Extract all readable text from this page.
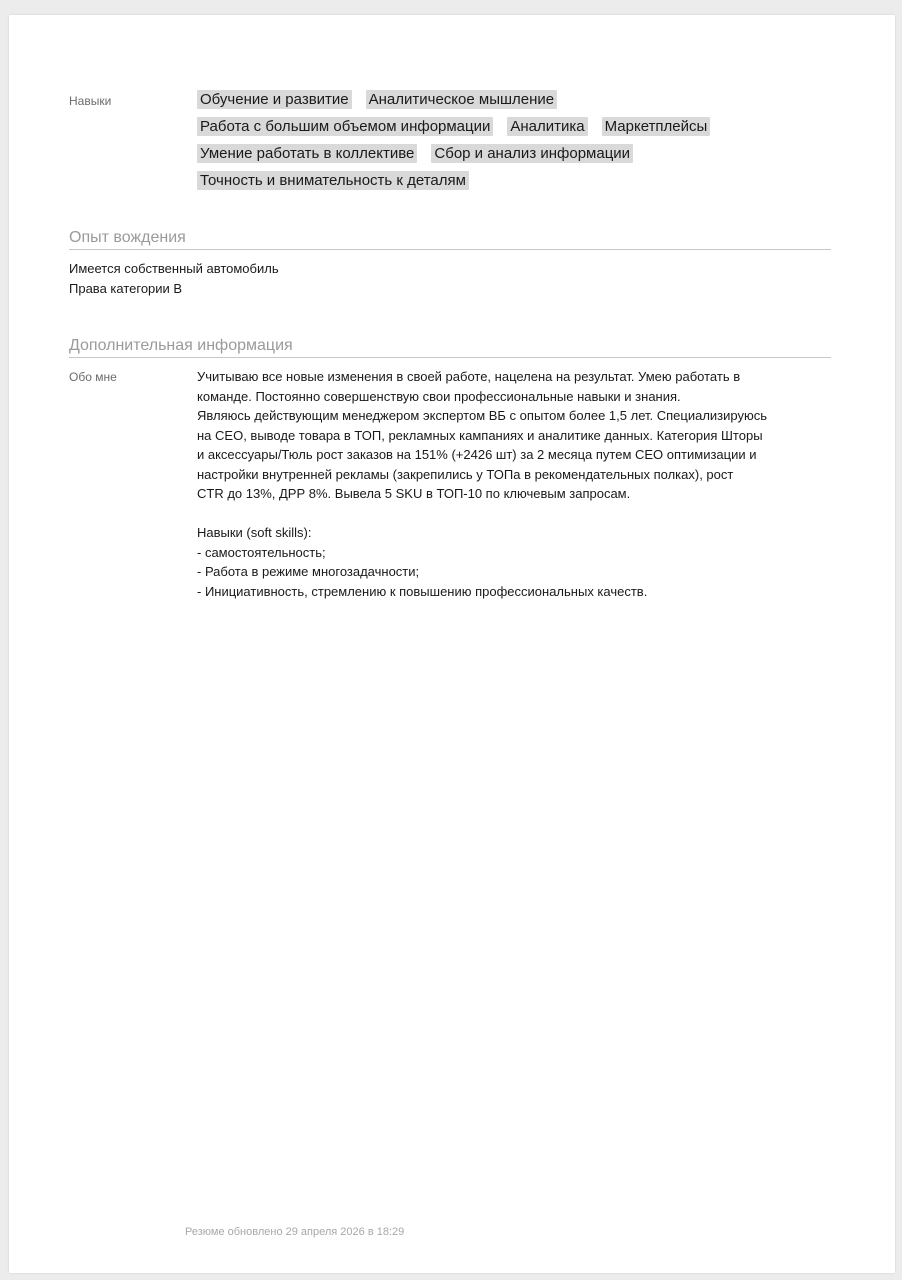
Навыки	Обучение и развитие Аналитическое мышление
Работа с большим объемом информации Аналитика Маркетплейсы
Умение работать в коллективе Сбор и анализ информации
Точность и внимательность к деталям
Опыт вождения
Имеется собственный автомобиль
Права категории B
Дополнительная информация
Обо мне	Учитываю все новые изменения в своей работе, нацелена на результат. Умею работать в

команде. Постоянно совершенствую свои профессиональные навыки и знания.

Являюсь действующим менеджером экспертом ВБ с опытом более 1,5 лет. Специализируюсь

на СЕО, выводе товара в ТОП, рекламных кампаниях и аналитике данных. Категория Шторы

и аксессуары/Тюль рост заказов на 151% (+2426 шт) за 2 месяца путем СЕО оптимизации и

настройки внутренней рекламы (закрепились у ТОПа в рекомендательных полках), рост

CTR до 13%, ДРР 8%. Вывела 5 SKU в ТОП-10 по ключевым запросам.

Навыки (soft skills):

- самостоятельность;

- Работа в режиме многозадачности;

- Инициативность, стремлению к повышению профессиональных качеств.

Резюме обновлено 29 апреля 2026 в 18:29
